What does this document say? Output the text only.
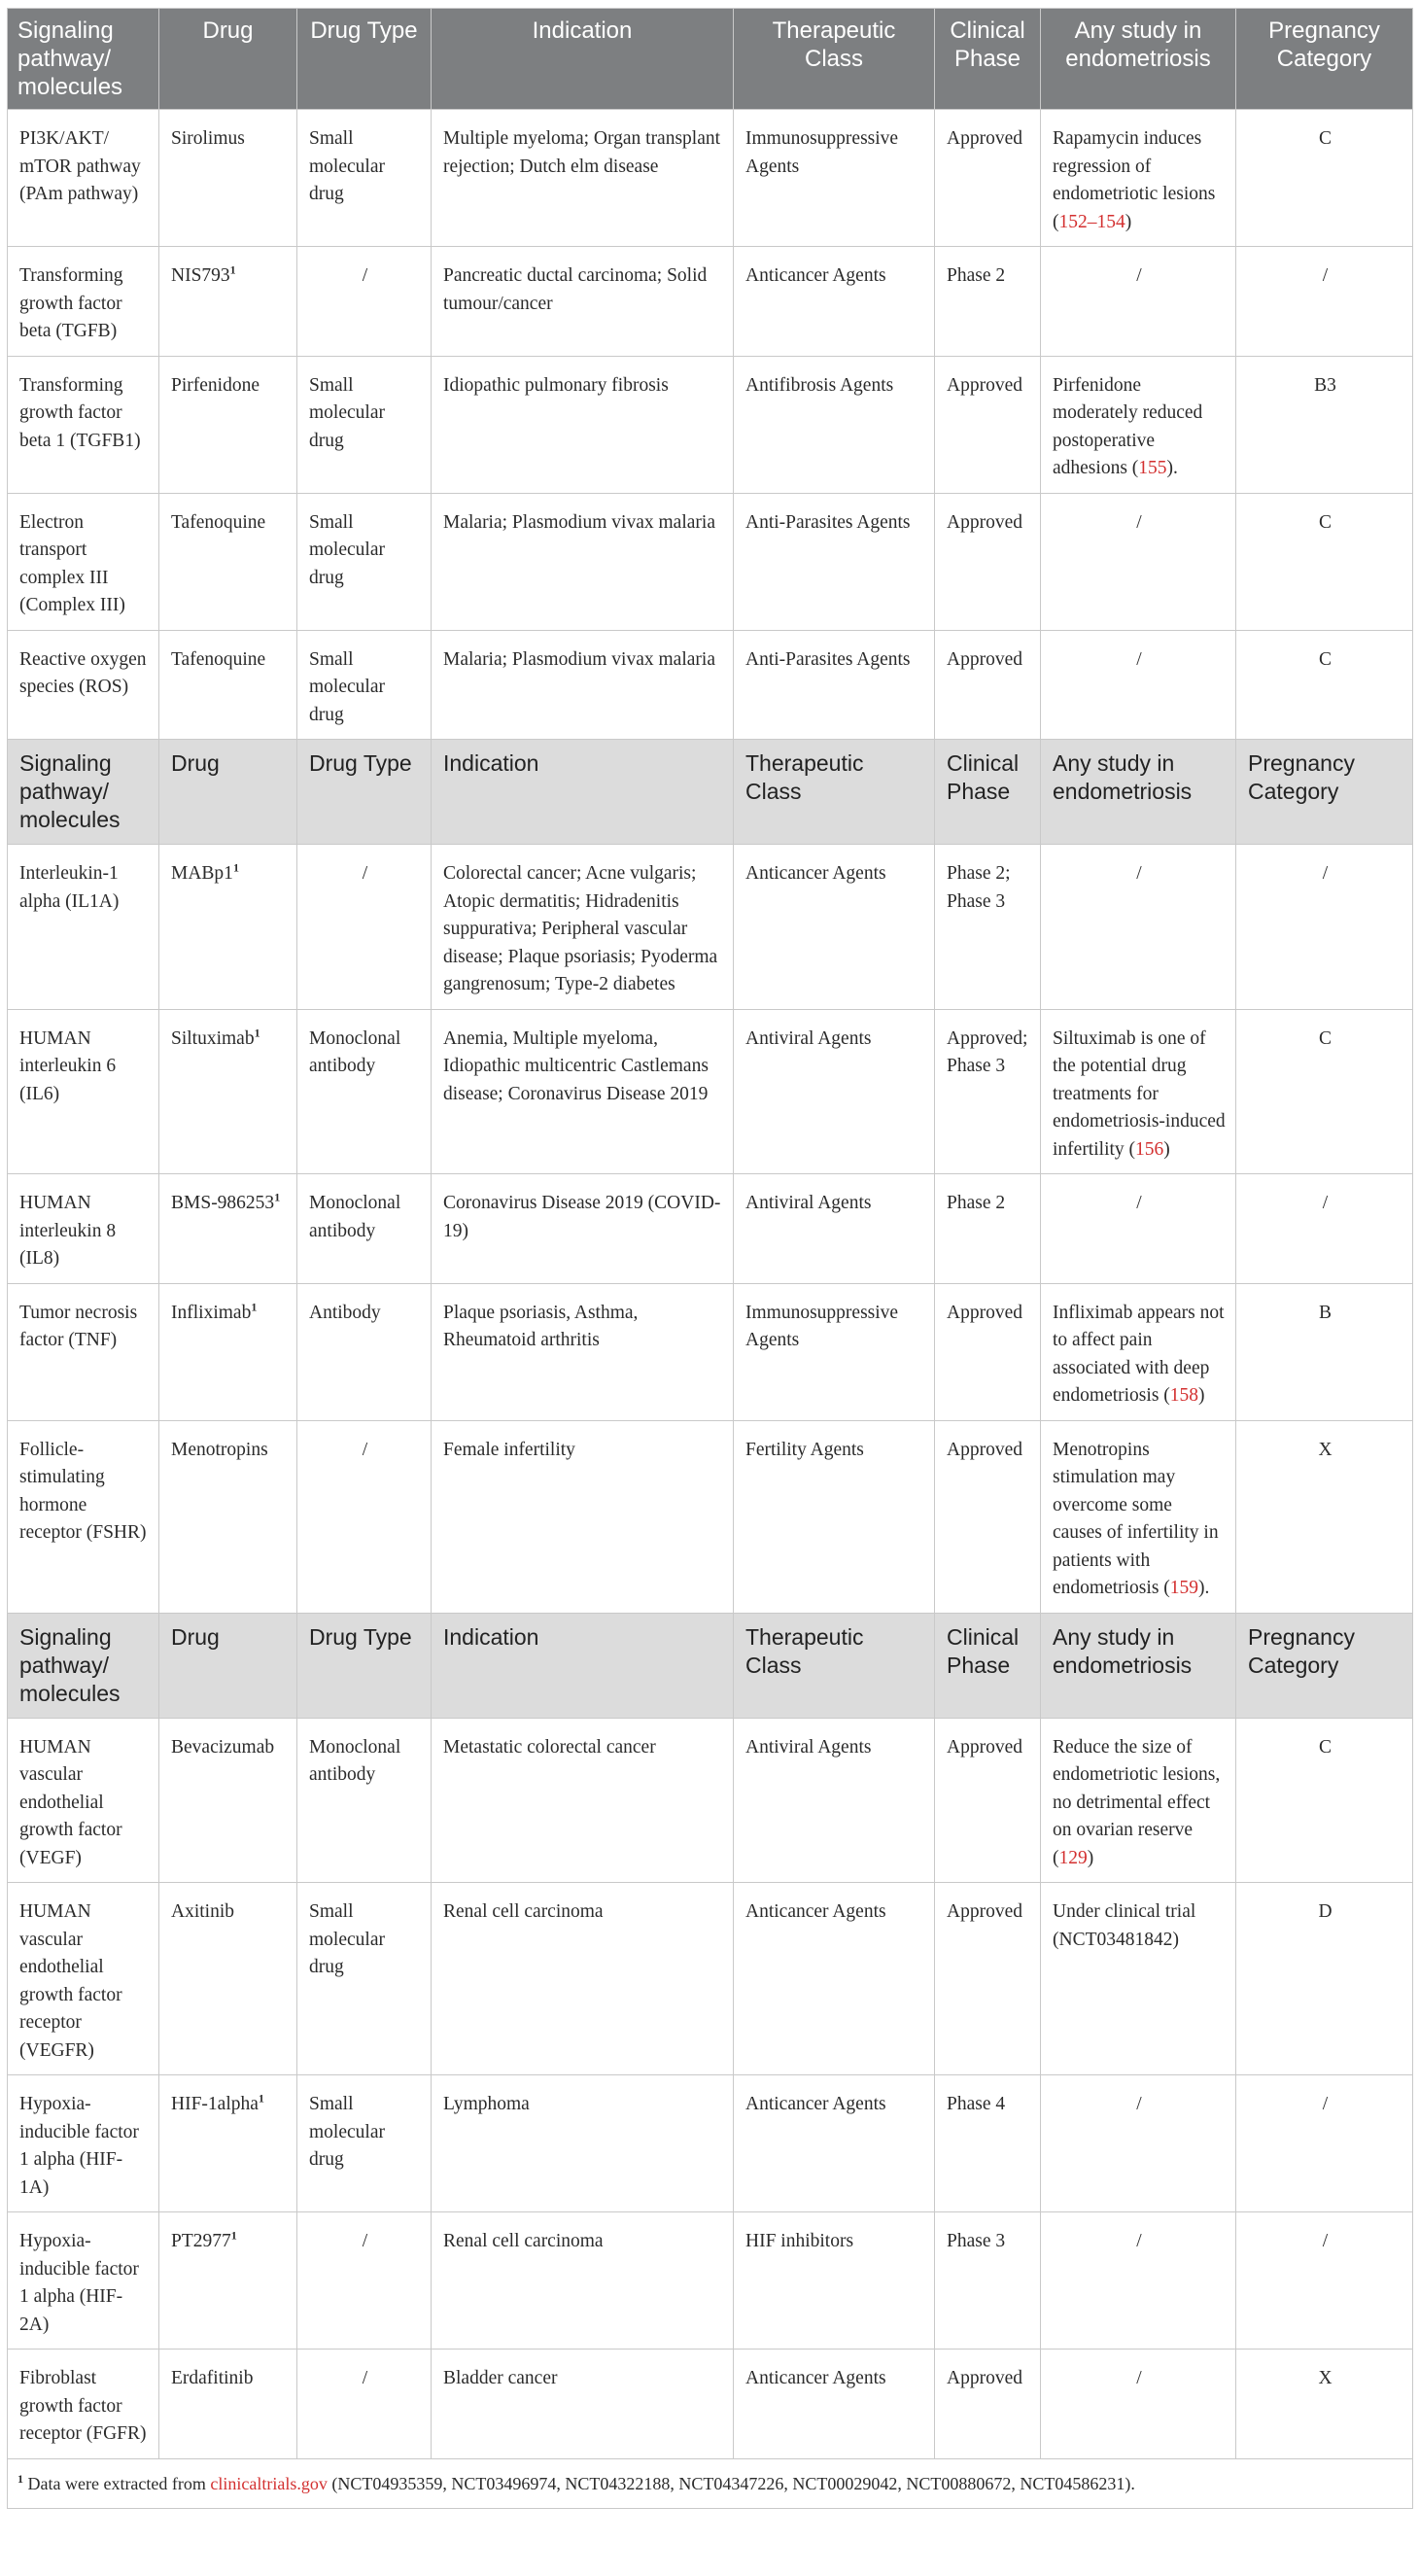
Signaling pathway/ molecules	Drug	Drug Type	Indication	Therapeutic Class	Clinical Phase	Any study in endometriosis	Pregnancy Category
PI3K/AKT/ mTOR pathway (PAm pathway)	Sirolimus	Small molecular drug	Multiple myeloma; Organ transplant rejection; Dutch elm disease	Immunosuppressive Agents	Approved	Rapamycin induces regression of endometriotic lesions (152–154)	C
Transforming growth factor beta (TGFB)	$NIS793^1$	/	Pancreatic ductal carcinoma; Solid tumour/cancer	Anticancer Agents	Phase 2	/	/
Transforming growth factor beta 1 (TGFB1)	Pirfenidone	Small molecular drug	Idiopathic pulmonary fibrosis	Antifibrosis Agents	Approved	Pirfenidone moderately reduced postoperative adhesions (155).	B3
Electron transport complex III (Complex III)	Tafenoquine	Small molecular drug	Malaria; Plasmodium vivax malaria	Anti-Parasites Agents	Approved	/	C
Reactive oxygen species (ROS)	Tafenoquine	Small molecular drug	Malaria; Plasmodium vivax malaria	Anti-Parasites Agents	Approved	/	C
Signaling pathway/ molecules	Drug	Drug Type	Indication	Therapeutic Class	Clinical Phase	Any study in endometriosis	Pregnancy Category
Interleukin-1 alpha (IL1A)	$MABp1^1$	/	Colorectal cancer; Acne vulgaris; Atopic dermatitis; Hidradenitis suppurativa; Peripheral vascular disease; Plaque psoriasis; Pyoderma gangrenosum; Type-2 diabetes	Anticancer Agents	Phase 2; Phase 3	/	/
HUMAN interleukin 6 (IL6)	Siltuximab$^1$	Monoclonal antibody	Anemia, Multiple myeloma, Idiopathic multicentric Castlemans disease; Coronavirus Disease 2019	Antiviral Agents	Approved; Phase 3	Siltuximab is one of the potential drug treatments for endometriosis-induced infertility (156)	C
HUMAN interleukin 8 (IL8)	BMS-986253$^1$	Monoclonal antibody	Coronavirus Disease 2019 (COVID-19)	Antiviral Agents	Phase 2	/	/
Tumor necrosis factor (TNF)	Infliximab$^1$	Antibody	Plaque psoriasis, Asthma, Rheumatoid arthritis	Immunosuppressive Agents	Approved	Infliximab appears not to affect pain associated with deep endometriosis (158)	B
Follicle-stimulating hormone receptor (FSHR)	Menotropins	/	Female infertility	Fertility Agents	Approved	Menotropins stimulation may overcome some causes of infertility in patients with endometriosis (159).	X
Signaling pathway/ molecules	Drug	Drug Type	Indication	Therapeutic Class	Clinical Phase	Any study in endometriosis	Pregnancy Category
HUMAN vascular endothelial growth factor (VEGF)	Bevacizumab	Monoclonal antibody	Metastatic colorectal cancer	Antiviral Agents	Approved	Reduce the size of endometriotic lesions, no detrimental effect on ovarian reserve (129)	C
HUMAN vascular endothelial growth factor receptor (VEGFR)	Axitinib	Small molecular drug	Renal cell carcinoma	Anticancer Agents	Approved	Under clinical trial (NCT03481842)	D
Hypoxia-inducible factor 1 alpha (HIF-1A)	HIF-1alpha$^1$	Small molecular drug	Lymphoma	Anticancer Agents	Phase 4	/	/
Hypoxia-inducible factor 1 alpha (HIF-2A)	PT2977$^1$	/	Renal cell carcinoma	HIF inhibitors	Phase 3	/	/
Fibroblast growth factor receptor (FGFR)	Erdafitinib	/	Bladder cancer	Anticancer Agents	Approved	/	X
$^1$ Data were extracted from clinicaltrials.gov (NCT04935359, NCT03496974, NCT04322188, NCT04347226, NCT00029042, NCT00880672, NCT04586231).							
